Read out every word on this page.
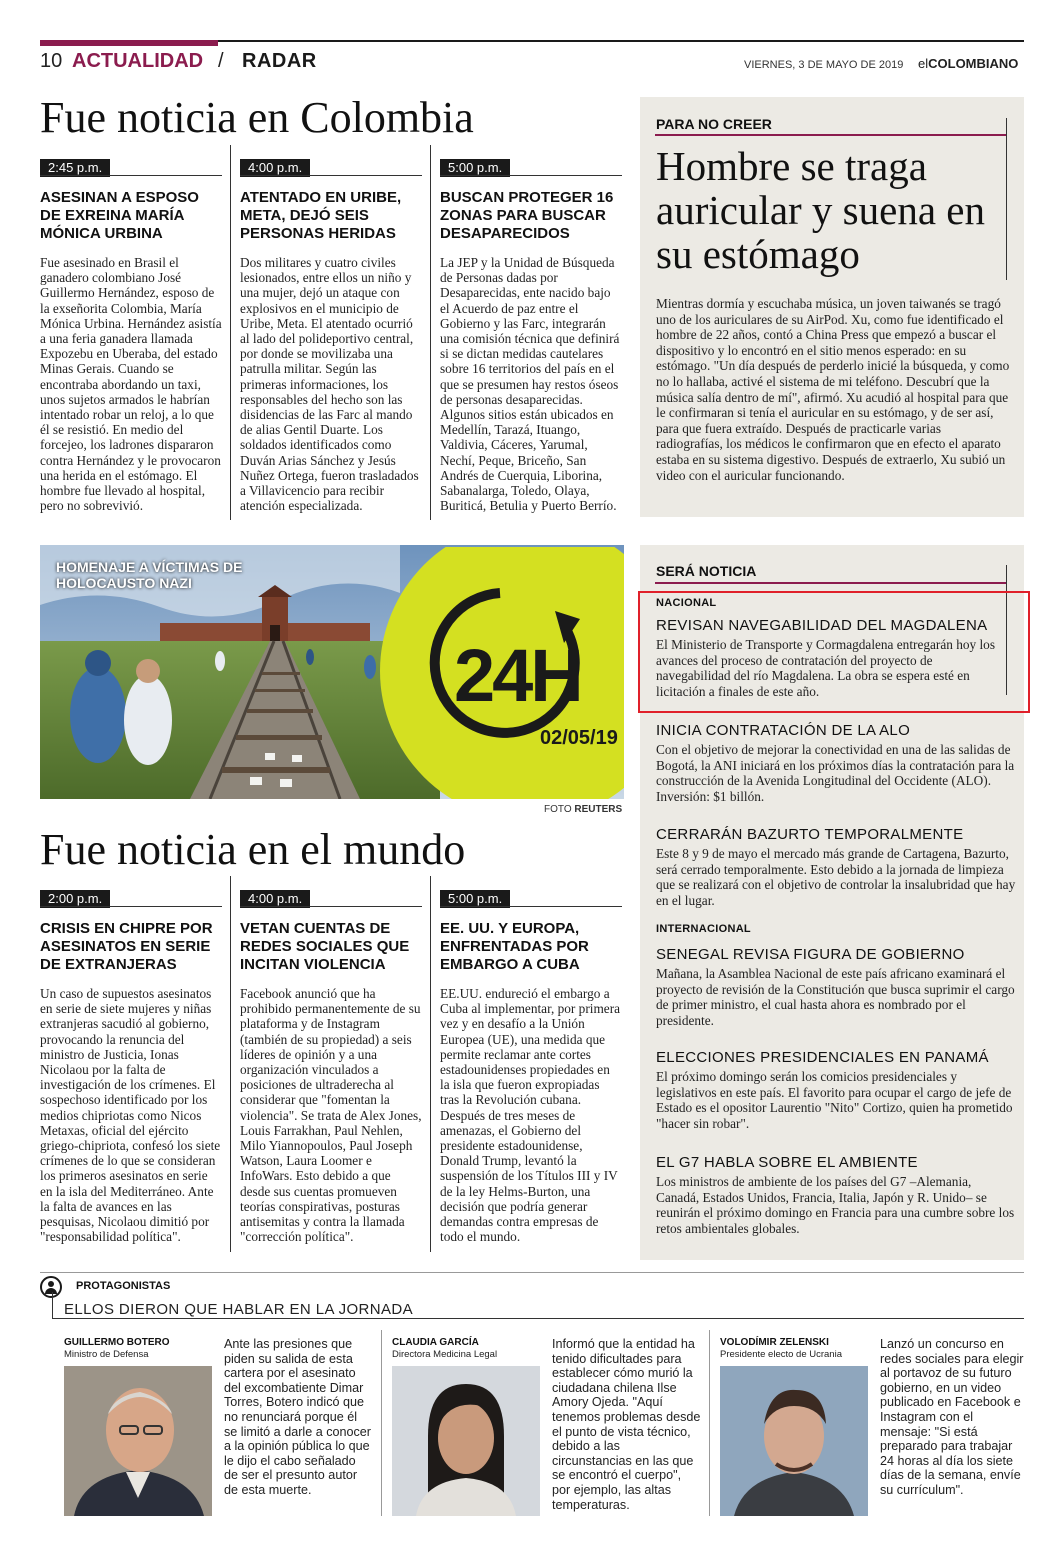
10 ACTUALIDAD / RADAR	VIERNES, 3 DE MAYO DE 2019 elCOLOMBIANO
Fue noticia en Colombia
2:45 p.m.
ASESINAN A ESPOSO DE EXREINA MARÍA MÓNICA URBINA
Fue asesinado en Brasil el ganadero colombiano José Guillermo Hernández, esposo de la exseñorita Colombia, María Mónica Urbina. Hernández asistía a una feria ganadera llamada Expozebu en Uberaba, del estado Minas Gerais. Cuando se encontraba abordando un taxi, unos sujetos armados le habrían intentado robar un reloj, a lo que él se resistió. En medio del forcejeo, los ladrones dispararon contra Hernández y le provocaron una herida en el estómago. El hombre fue llevado al hospital, pero no sobrevivió.
4:00 p.m.
ATENTADO EN URIBE, META, DEJÓ SEIS PERSONAS HERIDAS
Dos militares y cuatro civiles lesionados, entre ellos un niño y una mujer, dejó un ataque con explosivos en el municipio de Uribe, Meta. El atentado ocurrió al lado del polideportivo central, por donde se movilizaba una patrulla militar. Según las primeras informaciones, los responsables del hecho son las disidencias de las Farc al mando de alias Gentil Duarte. Los soldados identificados como Duván Arias Sánchez y Jesús Nuñez Ortega, fueron trasladados a Villavicencio para recibir atención especializada.
5:00 p.m.
BUSCAN PROTEGER 16 ZONAS PARA BUSCAR DESAPARECIDOS
La JEP y la Unidad de Búsqueda de Personas dadas por Desaparecidas, ente nacido bajo el Acuerdo de paz entre el Gobierno y las Farc, integrarán una comisión técnica que definirá si se dictan medidas cautelares sobre 16 territorios del país en el que se presumen hay restos óseos de personas desaparecidas. Algunos sitios están ubicados en Medellín, Tarazá, Ituango, Valdivia, Cáceres, Yarumal, Nechí, Peque, Briceño, San Andrés de Cuerquia, Liborina, Sabanalarga, Toledo, Olaya, Buriticá, Betulia y Puerto Berrío.
PARA NO CREER
Hombre se traga auricular y suena en su estómago
Mientras dormía y escuchaba música, un joven taiwanés se tragó uno de los auriculares de su AirPod. Xu, como fue identificado el hombre de 22 años, contó a China Press que empezó a buscar el dispositivo y lo encontró en el sitio menos esperado: en su estómago. "Un día después de perderlo inicié la búsqueda, y como no lo hallaba, activé el sistema de mi teléfono. Descubrí que la música salía dentro de mí", afirmó. Xu acudió al hospital para que le confirmaran si tenía el auricular en su estómago, y de ser así, para que fuera extraído. Después de practicarle varias radiografías, los médicos le confirmaron que en efecto el aparato estaba en su sistema digestivo. Después de extraerlo, Xu subió un video con el auricular funcionando.
HOMENAJE A VÍCTIMAS DE HOLOCAUSTO NAZI
24H
02/05/19
FOTO REUTERS
Fue noticia en el mundo
2:00 p.m.
CRISIS EN CHIPRE POR ASESINATOS EN SERIE DE EXTRANJERAS
Un caso de supuestos asesinatos en serie de siete mujeres y niñas extranjeras sacudió al gobierno, provocando la renuncia del ministro de Justicia, Ionas Nicolaou por la falta de investigación de los crímenes. El sospechoso identificado por los medios chipriotas como Nicos Metaxas, oficial del ejército griego-chipriota, confesó los siete crímenes de lo que se consideran los primeros asesinatos en serie en la isla del Mediterráneo. Ante la falta de avances en las pesquisas, Nicolaou dimitió por "responsabilidad política".
4:00 p.m.
VETAN CUENTAS DE REDES SOCIALES QUE INCITAN VIOLENCIA
Facebook anunció que ha prohibido permanentemente de su plataforma y de Instagram (también de su propiedad) a seis líderes de opinión y a una organización vinculados a posiciones de ultraderecha al considerar que "fomentan la violencia". Se trata de Alex Jones, Louis Farrakhan, Paul Nehlen, Milo Yiannopoulos, Paul Joseph Watson, Laura Loomer e InfoWars. Esto debido a que desde sus cuentas promueven teorías conspirativas, posturas antisemitas y contra la llamada "corrección política".
5:00 p.m.
EE. UU. Y EUROPA, ENFRENTADAS POR EMBARGO A CUBA
EE.UU. endureció el embargo a Cuba al implementar, por primera vez y en desafío a la Unión Europea (UE), una medida que permite reclamar ante cortes estadounidenses propiedades en la isla que fueron expropiadas tras la Revolución cubana. Después de tres meses de amenazas, el Gobierno del presidente estadounidense, Donald Trump, levantó la suspensión de los Títulos III y IV de la ley Helms-Burton, una decisión que podría generar demandas contra empresas de todo el mundo.
SERÁ NOTICIA
NACIONAL
REVISAN NAVEGABILIDAD DEL MAGDALENA
El Ministerio de Transporte y Cormagdalena entregarán hoy los avances del proceso de contratación del proyecto de navegabilidad del río Magdalena. La obra se espera esté en licitación a finales de este año.
INICIA CONTRATACIÓN DE LA ALO
Con el objetivo de mejorar la conectividad en una de las salidas de Bogotá, la ANI iniciará en los próximos días la contratación para la construcción de la Avenida Longitudinal del Occidente (ALO). Inversión: $1 billón.
CERRARÁN BAZURTO TEMPORALMENTE
Este 8 y 9 de mayo el mercado más grande de Cartagena, Bazurto, será cerrado temporalmente. Esto debido a la jornada de limpieza que se realizará con el objetivo de controlar la insalubridad que hay en el lugar.
INTERNACIONAL
SENEGAL REVISA FIGURA DE GOBIERNO
Mañana, la Asamblea Nacional de este país africano examinará el proyecto de revisión de la Constitución que busca suprimir el cargo de primer ministro, el cual hasta ahora es nombrado por el presidente.
ELECCIONES PRESIDENCIALES EN PANAMÁ
El próximo domingo serán los comicios presidenciales y legislativos en este país. El favorito para ocupar el cargo de jefe de Estado es el opositor Laurentio "Nito" Cortizo, quien ha prometido "hacer sin robar".
EL G7 HABLA SOBRE EL AMBIENTE
Los ministros de ambiente de los países del G7 –Alemania, Canadá, Estados Unidos, Francia, Italia, Japón y R. Unido– se reunirán el próximo domingo en Francia para una cumbre sobre los retos ambientales globales.
PROTAGONISTAS
ELLOS DIERON QUE HABLAR EN LA JORNADA
GUILLERMO BOTERO
Ministro de Defensa
Ante las presiones que piden su salida de esta cartera por el asesinato del excombatiente Dimar Torres, Botero indicó que no renunciará porque él se limitó a darle a conocer a la opinión pública lo que le dijo el cabo señalado de ser el presunto autor de esta muerte.
CLAUDIA GARCÍA
Directora Medicina Legal
Informó que la entidad ha tenido dificultades para establecer cómo murió la ciudadana chilena Ilse Amory Ojeda. "Aquí tenemos problemas desde el punto de vista técnico, debido a las circunstancias en las que se encontró el cuerpo", por ejemplo, las altas temperaturas.
VOLODÍMIR ZELENSKI
Presidente electo de Ucrania
Lanzó un concurso en redes sociales para elegir al portavoz de su futuro gobierno, en un video publicado en Facebook e Instagram con el mensaje: "Si está preparado para trabajar 24 horas al día los siete días de la semana, envíe su currículum".
